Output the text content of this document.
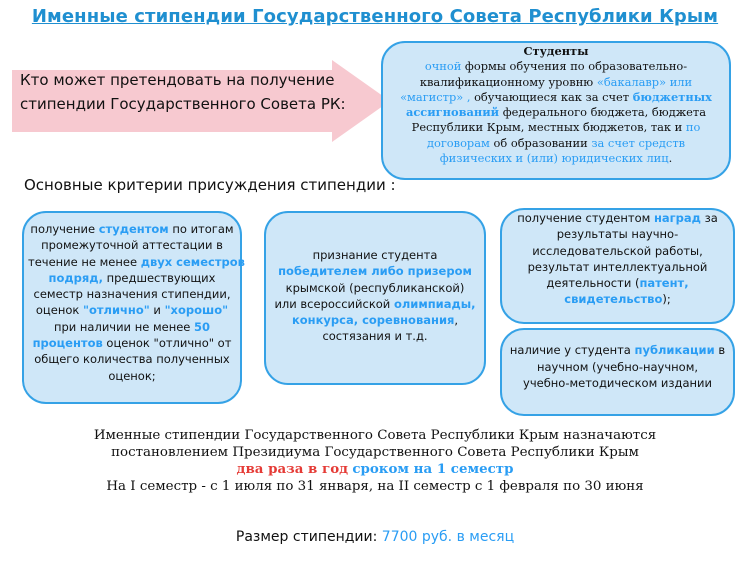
Именные стипендии Государственного Совета Республики Крым
Кто может претендовать на получение
стипендии Государственного Совета РК:
Студенты
очной формы обучения по образовательно-
квалификационному уровню «бакалавр» или
«магистр» , обучающиеся как за счет бюджетных
ассигнований федерального бюджета, бюджета
Республики Крым, местных бюджетов, так и по
договорам об образовании за счет средств
физических и (или) юридических лиц.
Основные критерии присуждения стипендии :
получение студентом по итогам
промежуточной аттестации в
течение не менее двух семестров
подряд, предшествующих
семестр назначения стипендии,
оценок "отлично" и "хорошо"
при наличии не менее 50
процентов оценок "отлично" от
общего количества полученных
оценок;
признание студента
победителем либо призером
крымской (республиканской)
или всероссийской олимпиады,
конкурса, соревнования,
состязания и т.д.
получение студентом наград за
результаты научно-
исследовательской работы,
результат интеллектуальной
деятельности (патент,
свидетельство);
наличие у студента публикации в
научном (учебно-научном,
учебно-методическом издании
Именные стипендии Государственного Совета Республики Крым назначаются
постановлением Президиума Государственного Совета Республики Крым
два раза в год сроком на 1 семестр
На I семестр - с 1 июля по 31 января, на II семестр с 1 февраля по 30 июня
Размер стипендии: 7700 руб. в месяц
